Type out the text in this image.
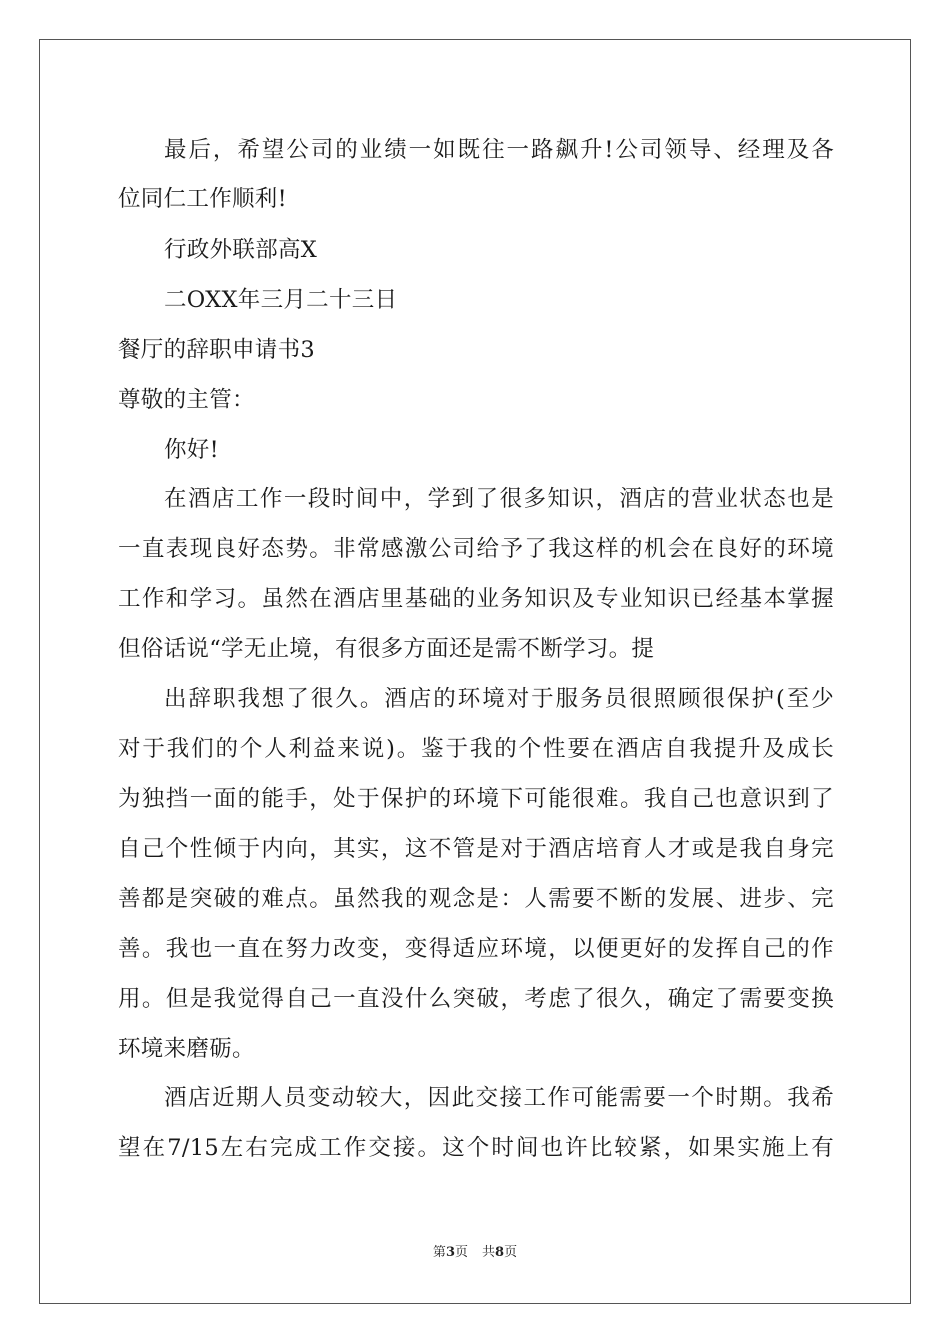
最后，希望公司的业绩一如既往一路飙升!公司领导、经理及各
位同仁工作顺利!
行政外联部高X
二OXX年三月二十三日
餐厅的辞职申请书3
尊敬的主管：
你好!
在酒店工作一段时间中，学到了很多知识，酒店的营业状态也是
一直表现良好态势。非常感激公司给予了我这样的机会在良好的环境
工作和学习。虽然在酒店里基础的业务知识及专业知识已经基本掌握
但俗话说“学无止境，有很多方面还是需不断学习。提
出辞职我想了很久。酒店的环境对于服务员很照顾很保护(至少
对于我们的个人利益来说)。鉴于我的个性要在酒店自我提升及成长
为独挡一面的能手，处于保护的环境下可能很难。我自己也意识到了
自己个性倾于内向，其实，这不管是对于酒店培育人才或是我自身完
善都是突破的难点。虽然我的观念是：人需要不断的发展、进步、完
善。我也一直在努力改变，变得适应环境，以便更好的发挥自己的作
用。但是我觉得自己一直没什么突破，考虑了很久，确定了需要变换
环境来磨砺。
酒店近期人员变动较大，因此交接工作可能需要一个时期。我希
望在7/15左右完成工作交接。这个时间也许比较紧，如果实施上有
第3页 共8页
